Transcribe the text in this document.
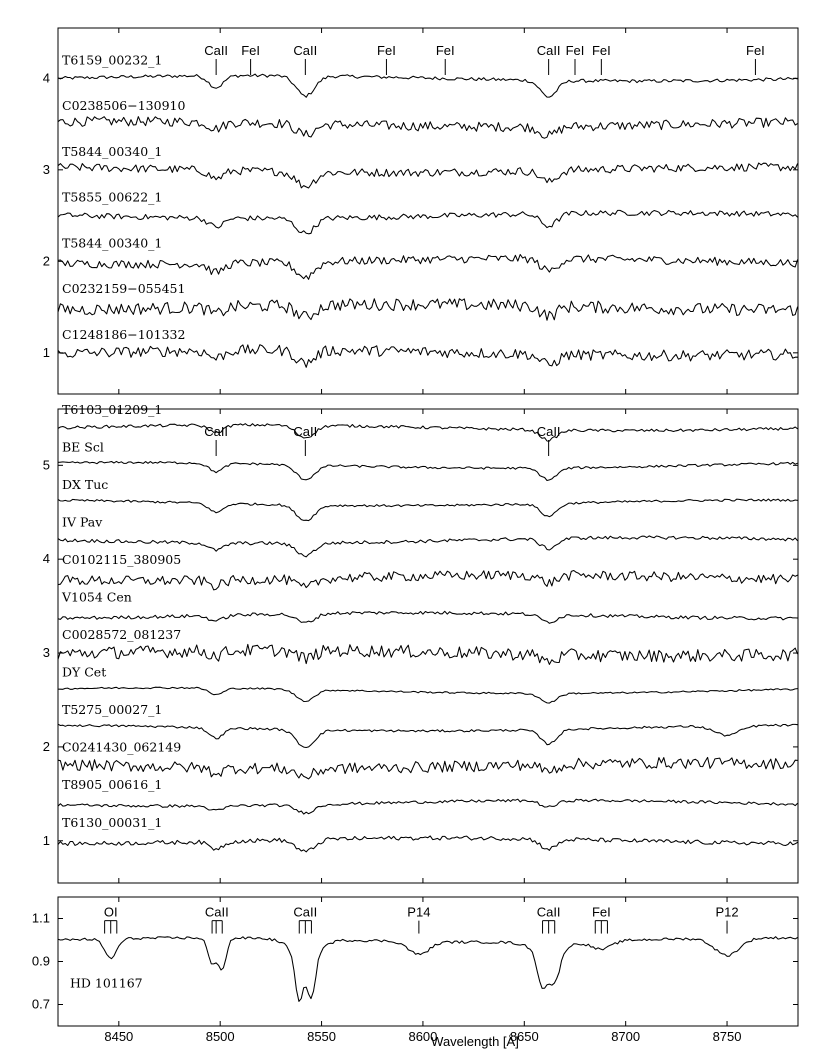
1
2
3
4
T6159_00232_1
C0238506−130910
T5844_00340_1
T5855_00622_1
T5844_00340_1
C0232159−055451
C1248186−101332
CaII FeI	CaII	FeI	FeI	CaII FeI FeI	FeI
1
2
3
4
5
T6103_01209_1
BE Scl
DX Tuc
IV Pav
C0102115_380905
V1054 Cen
C0028572_081237
DY Cet
T5275_00027_1
C0241430_062149
T8905_00616_1
T6130_00031_1
CaII	CaII	CaII
0.7
0.9
1.1
8450	8500	8550	8600	8650	8700	8750
HD 101167
OI	CaII	CaII	P14	CaII FeI	P12
Wavelength [Å]
